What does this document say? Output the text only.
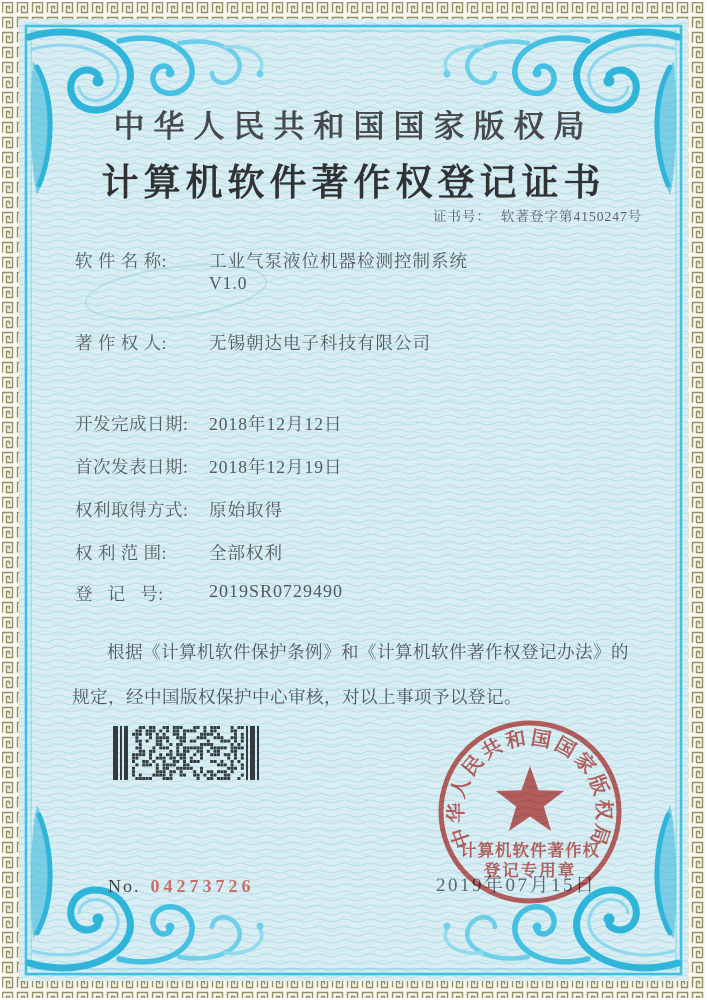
中华人民共和国国家版权局
计算机软件著作权登记证书
证书号： 软著登字第4150247号
软 件 名 称:	工业气泵液位机器检测控制系统
V1.0
著 作 权 人:	无锡朝达电子科技有限公司
开发完成日期:	2018年12月12日
首次发表日期:	2018年12月19日
权利取得方式:	原始取得
权 利 范 围:	全部权利
登   记   号:	2019SR0729490
根据《计算机软件保护条例》和《计算机软件著作权登记办法》的
规定，经中国版权保护中心审核，对以上事项予以登记。
2019年07月15日
中华人民共和国国家版权局
计算机软件著作权
登记专用章
No. 04273726
